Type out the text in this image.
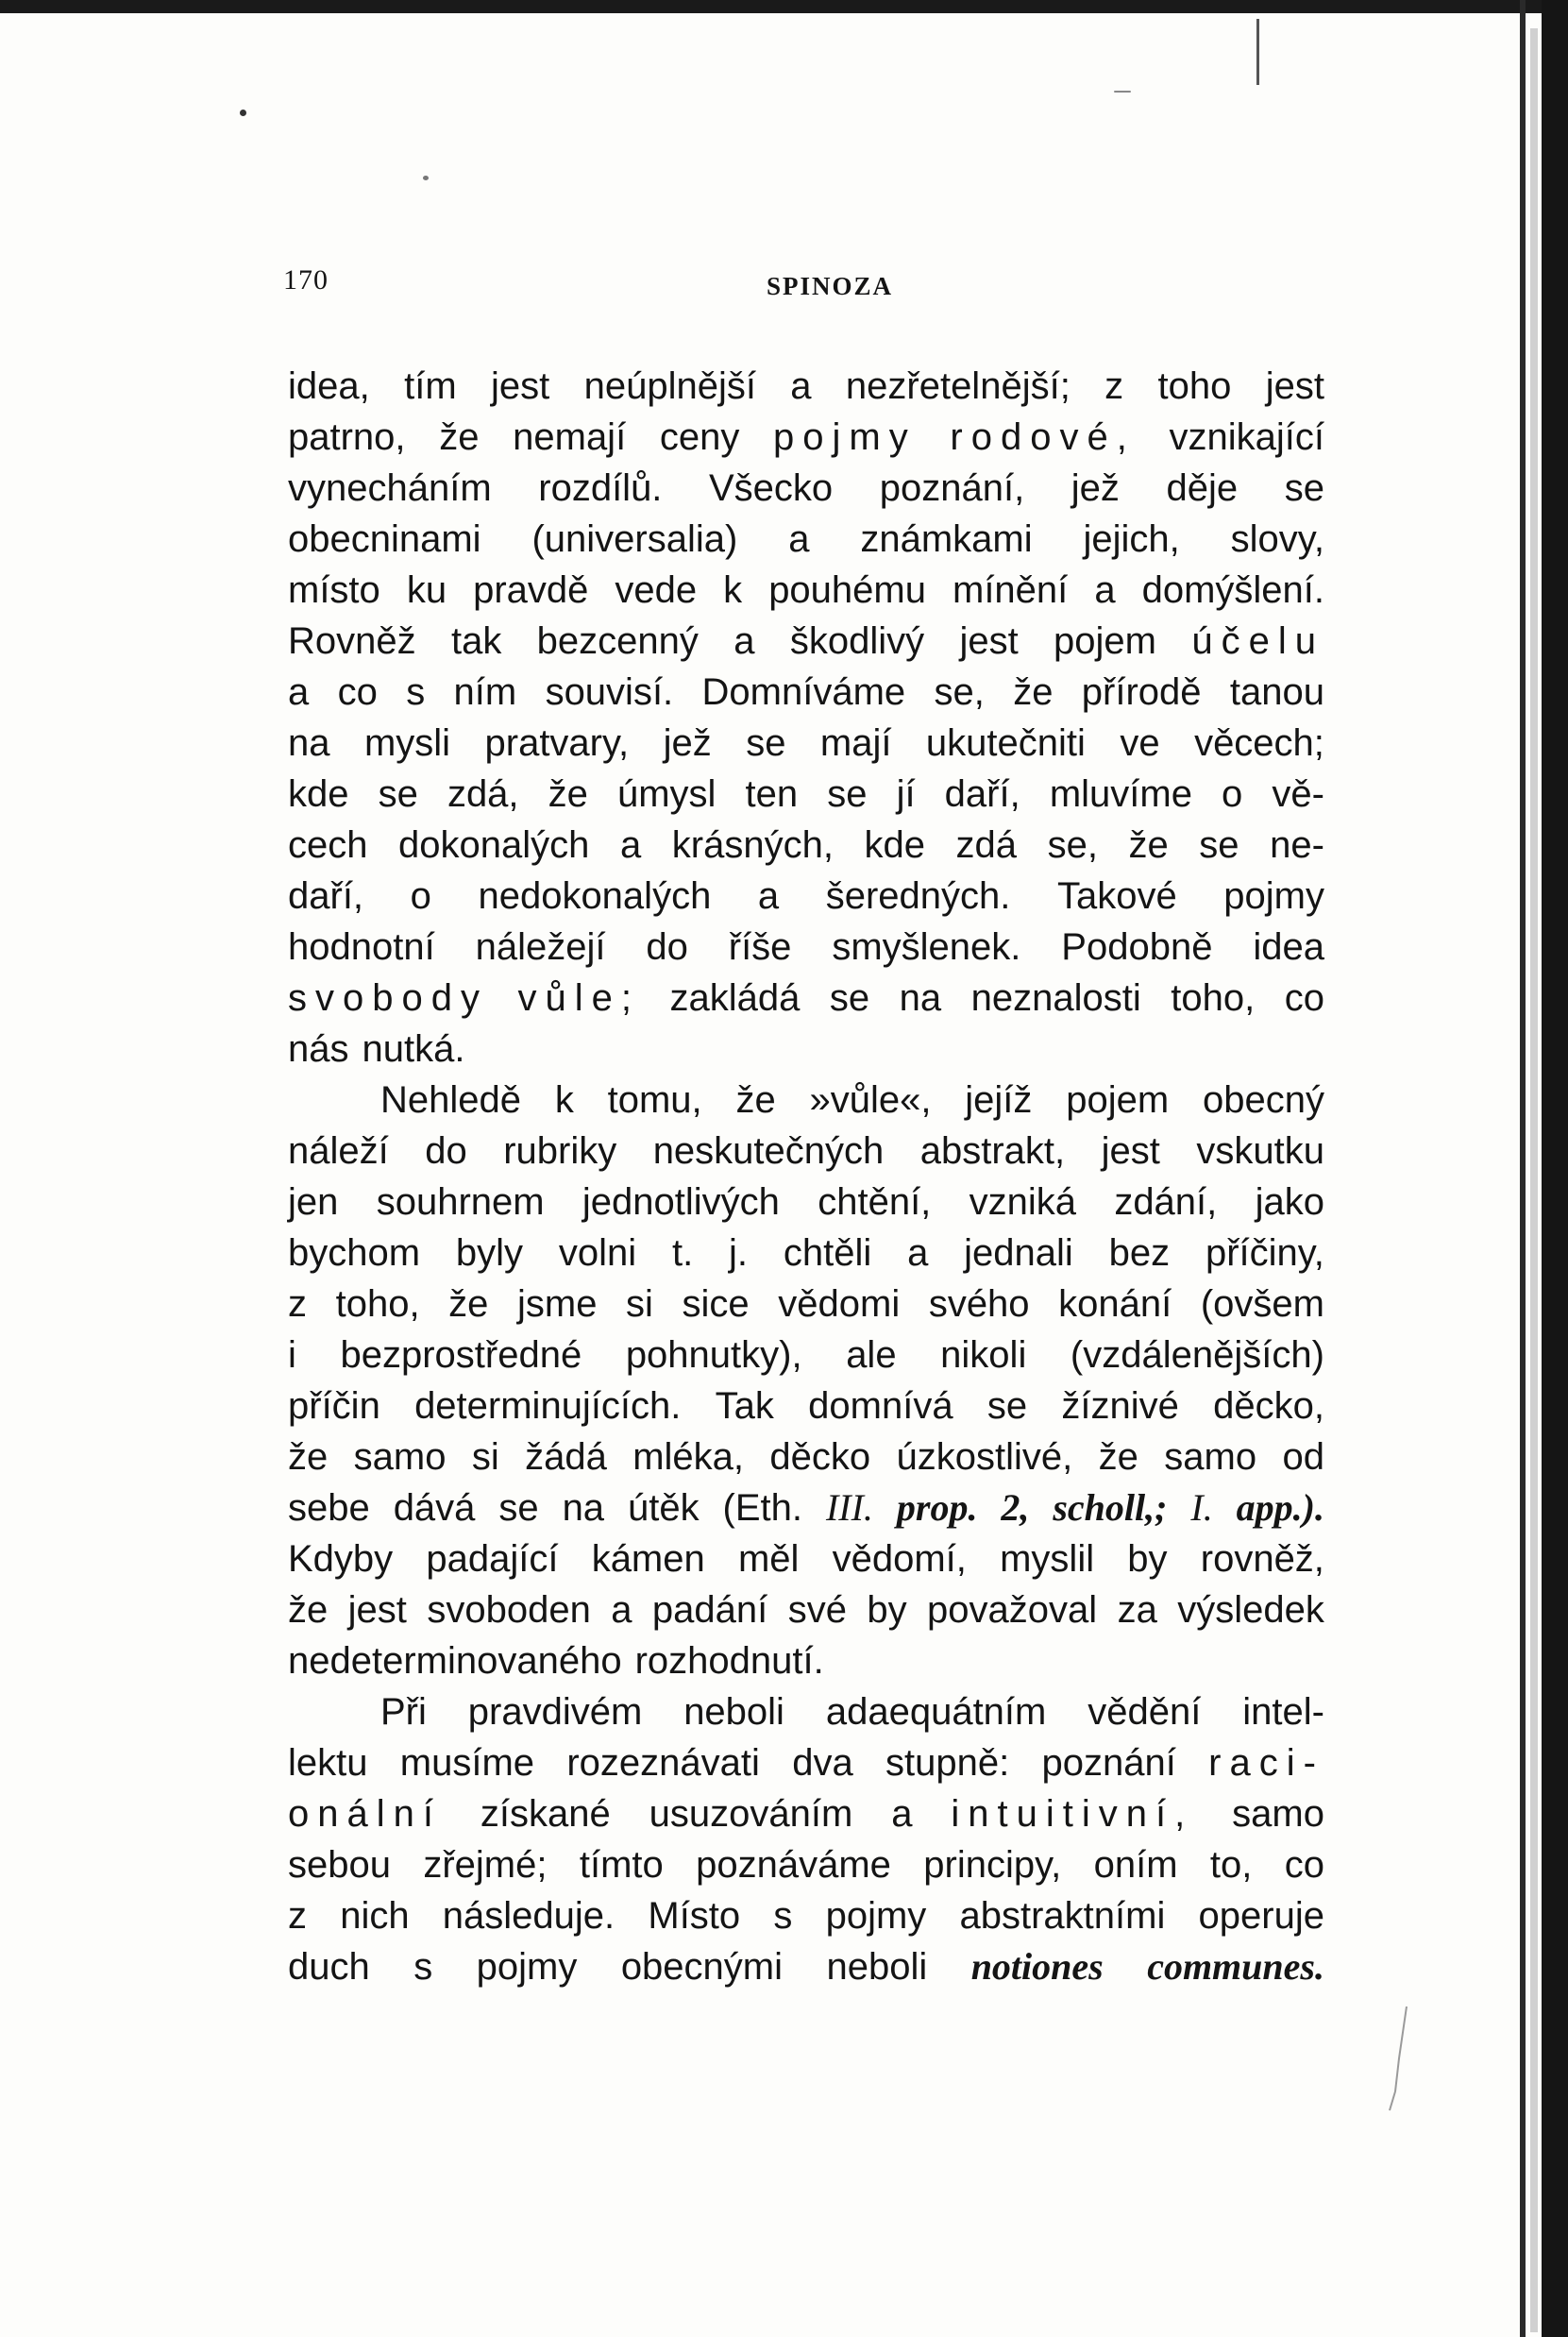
170	SPINOZA
idea, tím jest neúplnější a nezřetelnější; z toho jest
patrno, že nemají ceny pojmy rodové, vznikající
vynecháním rozdílů. Všecko poznání, jež děje se
obecninami (universalia) a známkami jejich, slovy,
místo ku pravdě vede k pouhému mínění a domýšlení.
Rovněž tak bezcenný a škodlivý jest pojem účelu
a co s ním souvisí. Domníváme se, že přírodě tanou
na mysli pratvary, jež se mají ukutečniti ve věcech;
kde se zdá, že úmysl ten se jí daří, mluvíme o vě-
cech dokonalých a krásných, kde zdá se, že se ne-
daří, o nedokonalých a šeredných. Takové pojmy
hodnotní náležejí do říše smyšlenek. Podobně idea
svobody vůle; zakládá se na neznalosti toho, co
nás nutká.
Nehledě k tomu, že »vůle«, jejíž pojem obecný
náleží do rubriky neskutečných abstrakt, jest vskutku
jen souhrnem jednotlivých chtění, vzniká zdání, jako
bychom byly volni t. j. chtěli a jednali bez příčiny,
z toho, že jsme si sice vědomi svého konání (ovšem
i bezprostředné pohnutky), ale nikoli (vzdálenějších)
příčin determinujících. Tak domnívá se žíznivé děcko,
že samo si žádá mléka, děcko úzkostlivé, že samo od
sebe dává se na útěk (Eth. III. prop. 2, scholl,; I. app.).
Kdyby padající kámen měl vědomí, myslil by rovněž,
že jest svoboden a padání své by považoval za výsledek
nedeterminovaného rozhodnutí.
Při pravdivém neboli adaequátním vědění intel-
lektu musíme rozeznávati dva stupně: poznání raci-
onální získané usuzováním a intuitivní, samo
sebou zřejmé; tímto poznáváme principy, oním to, co
z nich následuje. Místo s pojmy abstraktními operuje
duch s pojmy obecnými neboli notiones communes.
